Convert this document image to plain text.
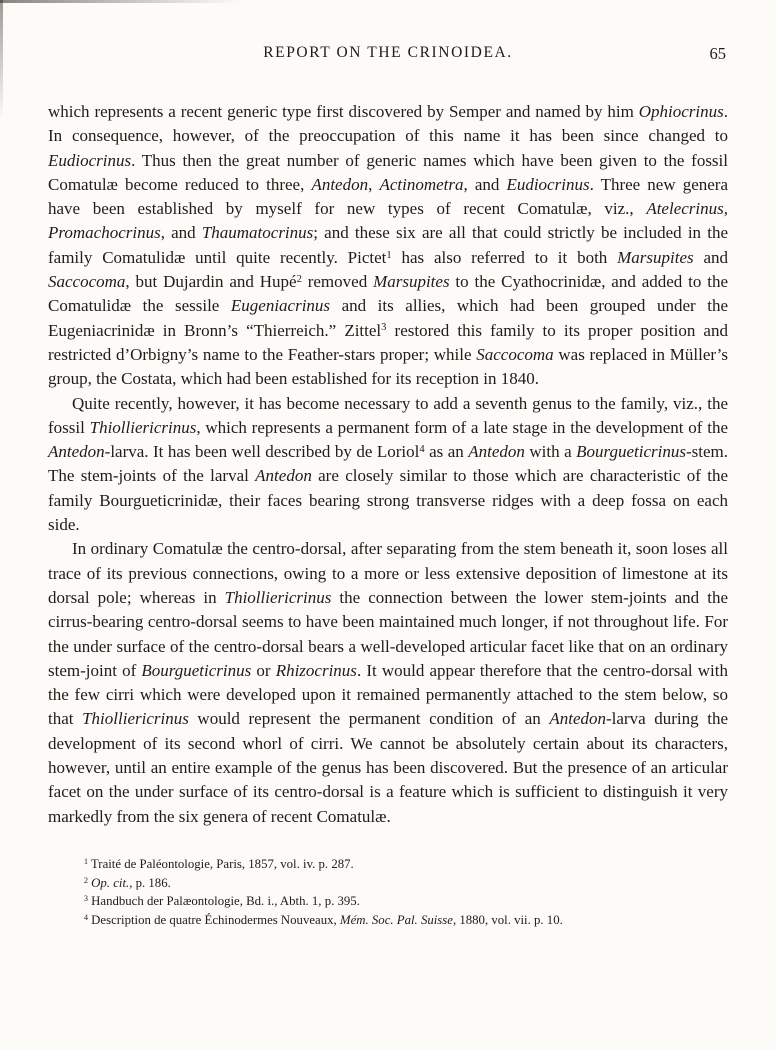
REPORT ON THE CRINOIDEA.	65

which represents a recent generic type first discovered by Semper and named by him Ophiocrinus. In consequence, however, of the preoccupation of this name it has been since changed to Eudiocrinus. Thus then the great number of generic names which have been given to the fossil Comatulæ become reduced to three, Antedon, Actinometra, and Eudiocrinus. Three new genera have been established by myself for new types of recent Comatulæ, viz., Atelecrinus, Promachocrinus, and Thaumatocrinus; and these six are all that could strictly be included in the family Comatulidæ until quite recently. Pictet$^1$ has also referred to it both Marsupites and Saccocoma, but Dujardin and Hupé$^2$ removed Marsupites to the Cyathocrinidæ, and added to the Comatulidæ the sessile Eugeniacrinus and its allies, which had been grouped under the Eugeniacrinidæ in Bronn’s “Thierreich.” Zittel$^3$ restored this family to its proper position and restricted d’Orbigny’s name to the Feather-stars proper; while Saccocoma was replaced in Müller’s group, the Costata, which had been established for its reception in 1840.

Quite recently, however, it has become necessary to add a seventh genus to the family, viz., the fossil Thiolliericrinus, which represents a permanent form of a late stage in the development of the Antedon-larva. It has been well described by de Loriol$^4$ as an Antedon with a Bourgueticrinus-stem. The stem-joints of the larval Antedon are closely similar to those which are characteristic of the family Bourgueticrinidæ, their faces bearing strong transverse ridges with a deep fossa on each side.

In ordinary Comatulæ the centro-dorsal, after separating from the stem beneath it, soon loses all trace of its previous connections, owing to a more or less extensive deposition of limestone at its dorsal pole; whereas in Thiolliericrinus the connection between the lower stem-joints and the cirrus-bearing centro-dorsal seems to have been maintained much longer, if not throughout life. For the under surface of the centro-dorsal bears a well-developed articular facet like that on an ordinary stem-joint of Bourgueticrinus or Rhizocrinus. It would appear therefore that the centro-dorsal with the few cirri which were developed upon it remained permanently attached to the stem below, so that Thiolliericrinus would represent the permanent condition of an Antedon-larva during the development of its second whorl of cirri. We cannot be absolutely certain about its characters, however, until an entire example of the genus has been discovered. But the presence of an articular facet on the under surface of its centro-dorsal is a feature which is sufficient to distinguish it very markedly from the six genera of recent Comatulæ.

$^1$ Traité de Paléontologie, Paris, 1857, vol. iv. p. 287.
$^2$ Op. cit., p. 186.
$^3$ Handbuch der Palæontologie, Bd. i., Abth. 1, p. 395.
$^4$ Description de quatre Échinodermes Nouveaux, Mém. Soc. Pal. Suisse, 1880, vol. vii. p. 10.
